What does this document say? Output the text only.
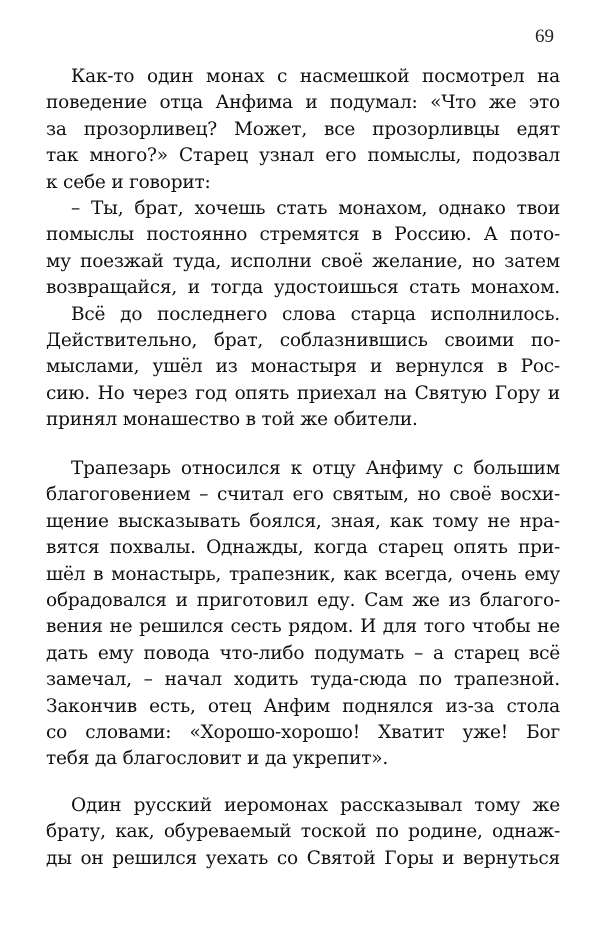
69
Как-то один монах с насмешкой посмотрел на
поведение отца Анфима и подумал: «Что же это
за прозорливец? Может, все прозорливцы едят
так много?» Старец узнал его помыслы, подозвал
к себе и говорит:
– Ты, брат, хочешь стать монахом, однако твои
помыслы постоянно стремятся в Россию. А пото-
му поезжай туда, исполни своё желание, но затем
возвращайся, и тогда удостоишься стать монахом.
Всё до последнего слова старца исполнилось.
Действительно, брат, соблазнившись своими по-
мыслами, ушёл из монастыря и вернулся в Рос-
сию. Но через год опять приехал на Святую Гору и
принял монашество в той же обители.
Трапезарь относился к отцу Анфиму с большим
благоговением – считал его святым, но своё восхи-
щение высказывать боялся, зная, как тому не нра-
вятся похвалы. Однажды, когда старец опять при-
шёл в монастырь, трапезник, как всегда, очень ему
обрадовался и приготовил еду. Сам же из благого-
вения не решился сесть рядом. И для того чтобы не
дать ему повода что-либо подумать – а старец всё
замечал, – начал ходить туда-сюда по трапезной.
Закончив есть, отец Анфим поднялся из-за стола
со словами: «Хорошо-хорошо! Хватит уже! Бог
тебя да благословит и да укрепит».
Один русский иеромонах рассказывал тому же
брату, как, обуреваемый тоской по родине, однаж-
ды он решился уехать со Святой Горы и вернуться
